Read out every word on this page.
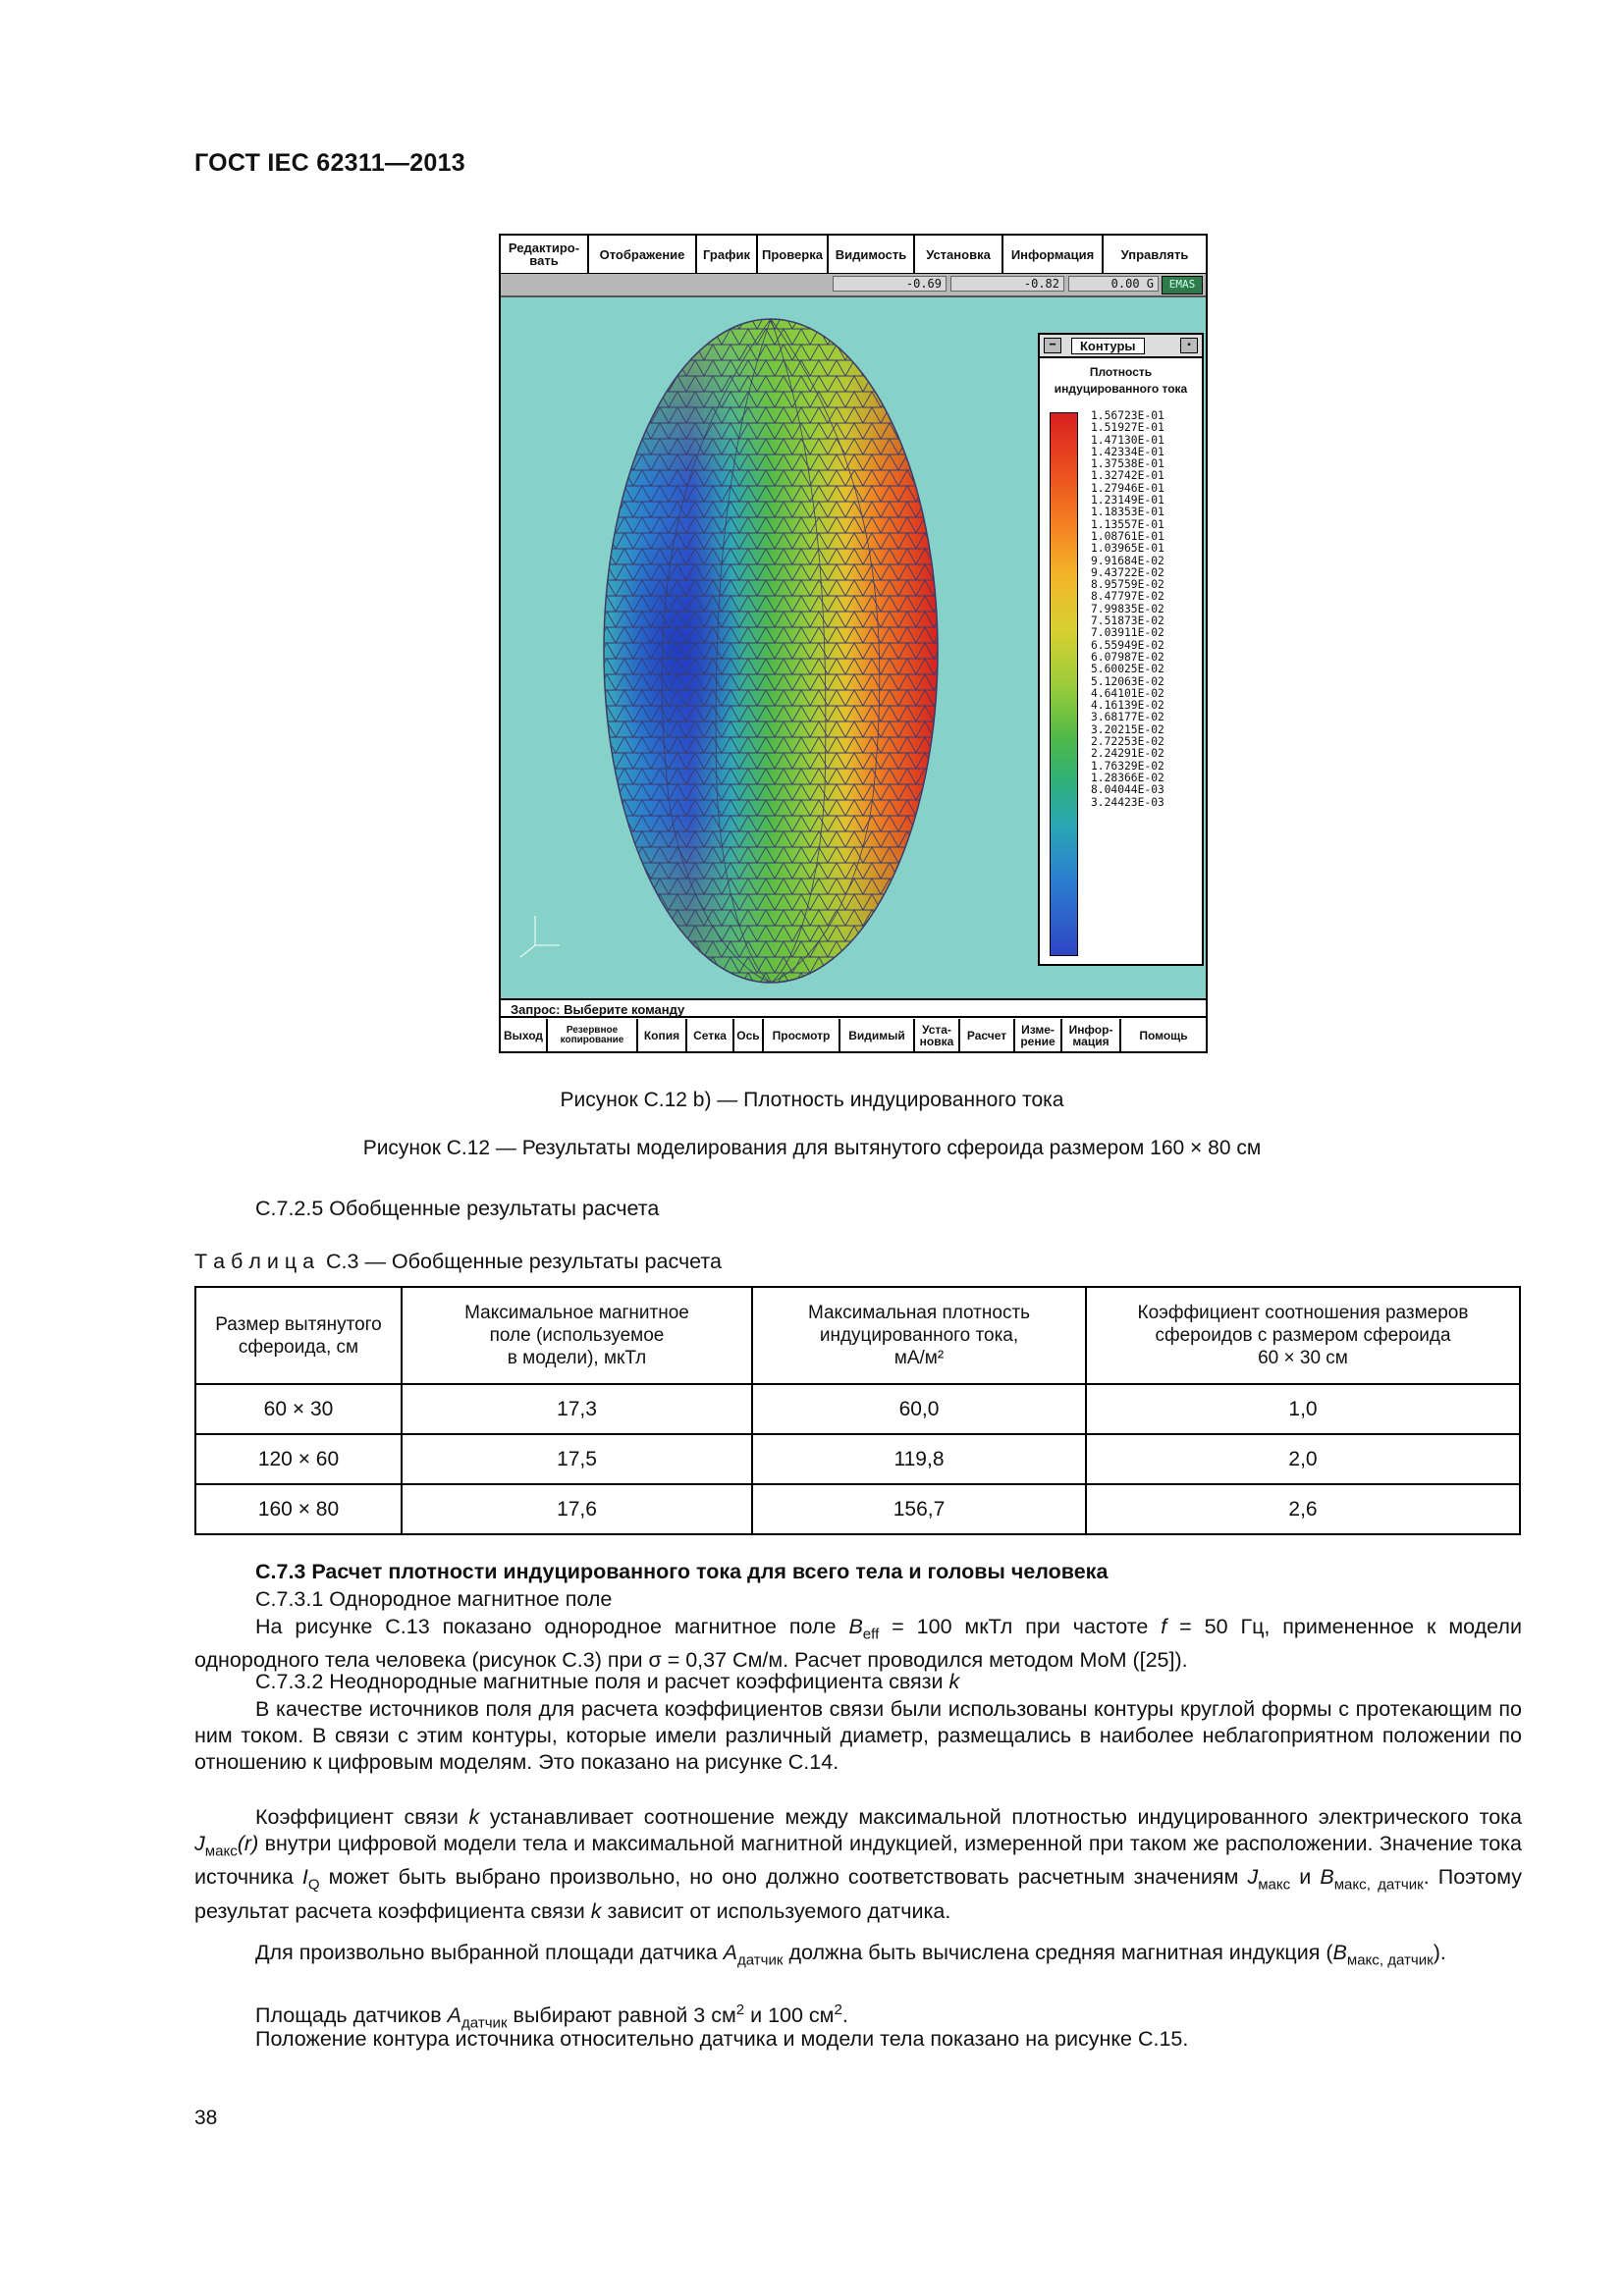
ГОСТ IEC 62311—2013
Редактиро-
вать	Отображение	График Проверка Видимость	Установка	Информация	Управлять
-0.69	-0.82	0.00 G	EMAS
━	Контуры	▪
Плотность
индуцированного тока
1.56723E-01
1.51927E-01
1.47130E-01
1.42334E-01
1.37538E-01
1.32742E-01
1.27946E-01
1.23149E-01
1.18353E-01
1.13557E-01
1.08761E-01
1.03965E-01
9.91684E-02
9.43722E-02
8.95759E-02
8.47797E-02
7.99835E-02
7.51873E-02
7.03911E-02
6.55949E-02
6.07987E-02
5.60025E-02
5.12063E-02
4.64101E-02
4.16139E-02
3.68177E-02
3.20215E-02
2.72253E-02
2.24291E-02
1.76329E-02
1.28366E-02
8.04044E-03
3.24423E-03
Запрос: Выберите команду
Выход	Резервное
копирование	Копия	Сетка Ось	Просмотр	Видимый	Уста-
новка	Расчет	Изме-
рение
Инфор-
мация	Помощь
Рисунок С.12 b) — Плотность индуцированного тока
Рисунок С.12 — Результаты моделирования для вытянутого сфероида размером 160 × 80 см
С.7.2.5 Обобщенные результаты расчета
Т а б л и ц а  С.3 — Обобщенные результаты расчета
Размер вытянутого
сфероида, см	Максимальное магнитное
поле (используемое
в модели), мкТл	Максимальная плотность
индуцированного тока,
мА/м²	Коэффициент соотношения размеров
сфероидов с размером сфероида
60 × 30 см
60 × 30	17,3	60,0	1,0
120 × 60	17,5	119,8	2,0
160 × 80	17,6	156,7	2,6
С.7.3 Расчет плотности индуцированного тока для всего тела и головы человека
С.7.3.1 Однородное магнитное поле
На рисунке С.13 показано однородное магнитное поле $B_{eff} = 100$ мкТл при частоте f = 50 Гц, примененное к модели однородного тела человека (рисунок С.3) при σ = 0,37 См/м. Расчет проводился методом МоМ ([25]).
С.7.3.2 Неоднородные магнитные поля и расчет коэффициента связи k
В качестве источников поля для расчета коэффициентов связи были использованы контуры круглой формы с протекающим по ним током. В связи с этим контуры, которые имели различный диаметр, размещались в наиболее неблагоприятном положении по отношению к цифровым моделям. Это показано на рисунке С.14.
Коэффициент связи k устанавливает соотношение между максимальной плотностью индуцированного электрического тока $J_{макс}(r)$ внутри цифровой модели тела и максимальной магнитной индукцией, измеренной при таком же расположении. Значение тока источника $I_Q$ может быть выбрано произвольно, но оно должно соответствовать расчетным значениям $J_{макс}$ и $B_{макс, датчик}$. Поэтому результат расчета коэффициента связи k зависит от используемого датчика.
Для произвольно выбранной площади датчика $A_{датчик}$ должна быть вычислена средняя магнитная индукция $(B_{макс, датчик})$.
Площадь датчиков $A_{датчик}$ выбирают равной 3 $см^2$ и 100 $см^2$.
Положение контура источника относительно датчика и модели тела показано на рисунке С.15.
38
